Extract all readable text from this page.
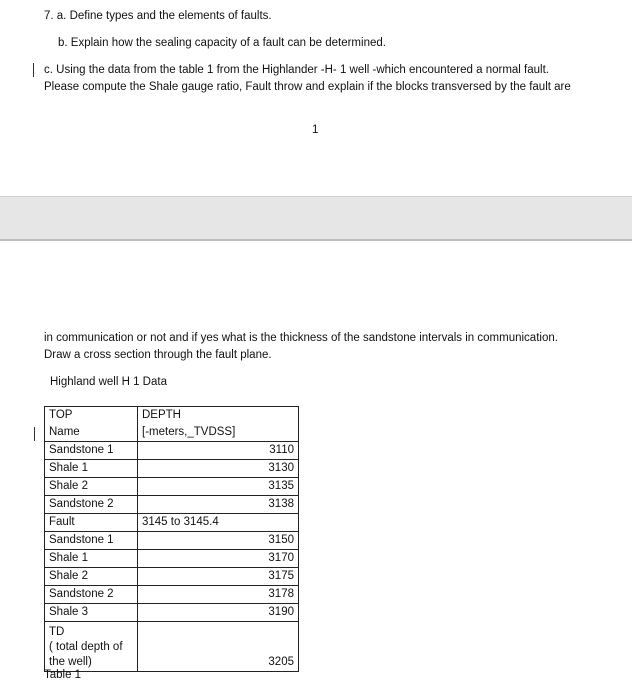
7. a. Define types and the elements of faults.
b. Explain how the sealing capacity of a fault can be determined.
c. Using the data from the table 1 from the Highlander -H- 1 well -which encountered a normal fault.
Please compute the Shale gauge ratio, Fault throw and explain if the blocks transversed by the fault are
1
in communication or not and if yes what is the thickness of the sandstone intervals in communication.
Draw a cross section through the fault plane.
Highland well H 1 Data
TOP	DEPTH
Name	[-meters,_TVDSS]
Sandstone 1	3110
Shale 1	3130
Shale 2	3135
Sandstone 2	3138
Fault	3145 to 3145.4
Sandstone 1	3150
Shale 1	3170
Shale 2	3175
Sandstone 2	3178
Shale 3	3190

TD
( total depth of
the well)	3205
Table 1
